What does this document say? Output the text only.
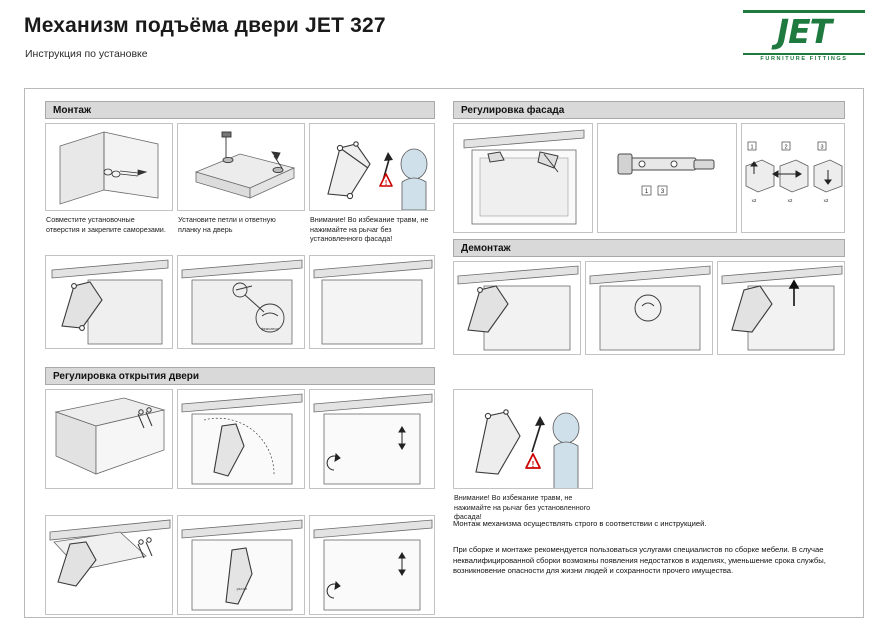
Механизм подъёма двери JET 327
Инструкция по установке
JET
FURNITURE FITTINGS
Монтаж
!
Совместите установочные отверстия и закрепите саморезами.
Установите петли и ответную планку на дверь
Внимание! Во избежание травм, не нажимайте на рычаг без установленного фасада!
фиксатор
Регулировка фасада
1 3
1	2	3
x2	x2	x2
Демонтаж
Регулировка открытия двери
!
Внимание! Во избежание травм, не нажимайте на рычаг без установленного фасада!
рычаг
Монтаж механизма осуществлять строго в соответствии с инструкцией.
При сборке и монтаже рекомендуется пользоваться услугами специалистов по сборке мебели. В случае неквалифицированной сборки возможны появления недостатков в изделиях, уменьшение срока службы, возникновение опасности для жизни людей и сохранности прочего имущества.
